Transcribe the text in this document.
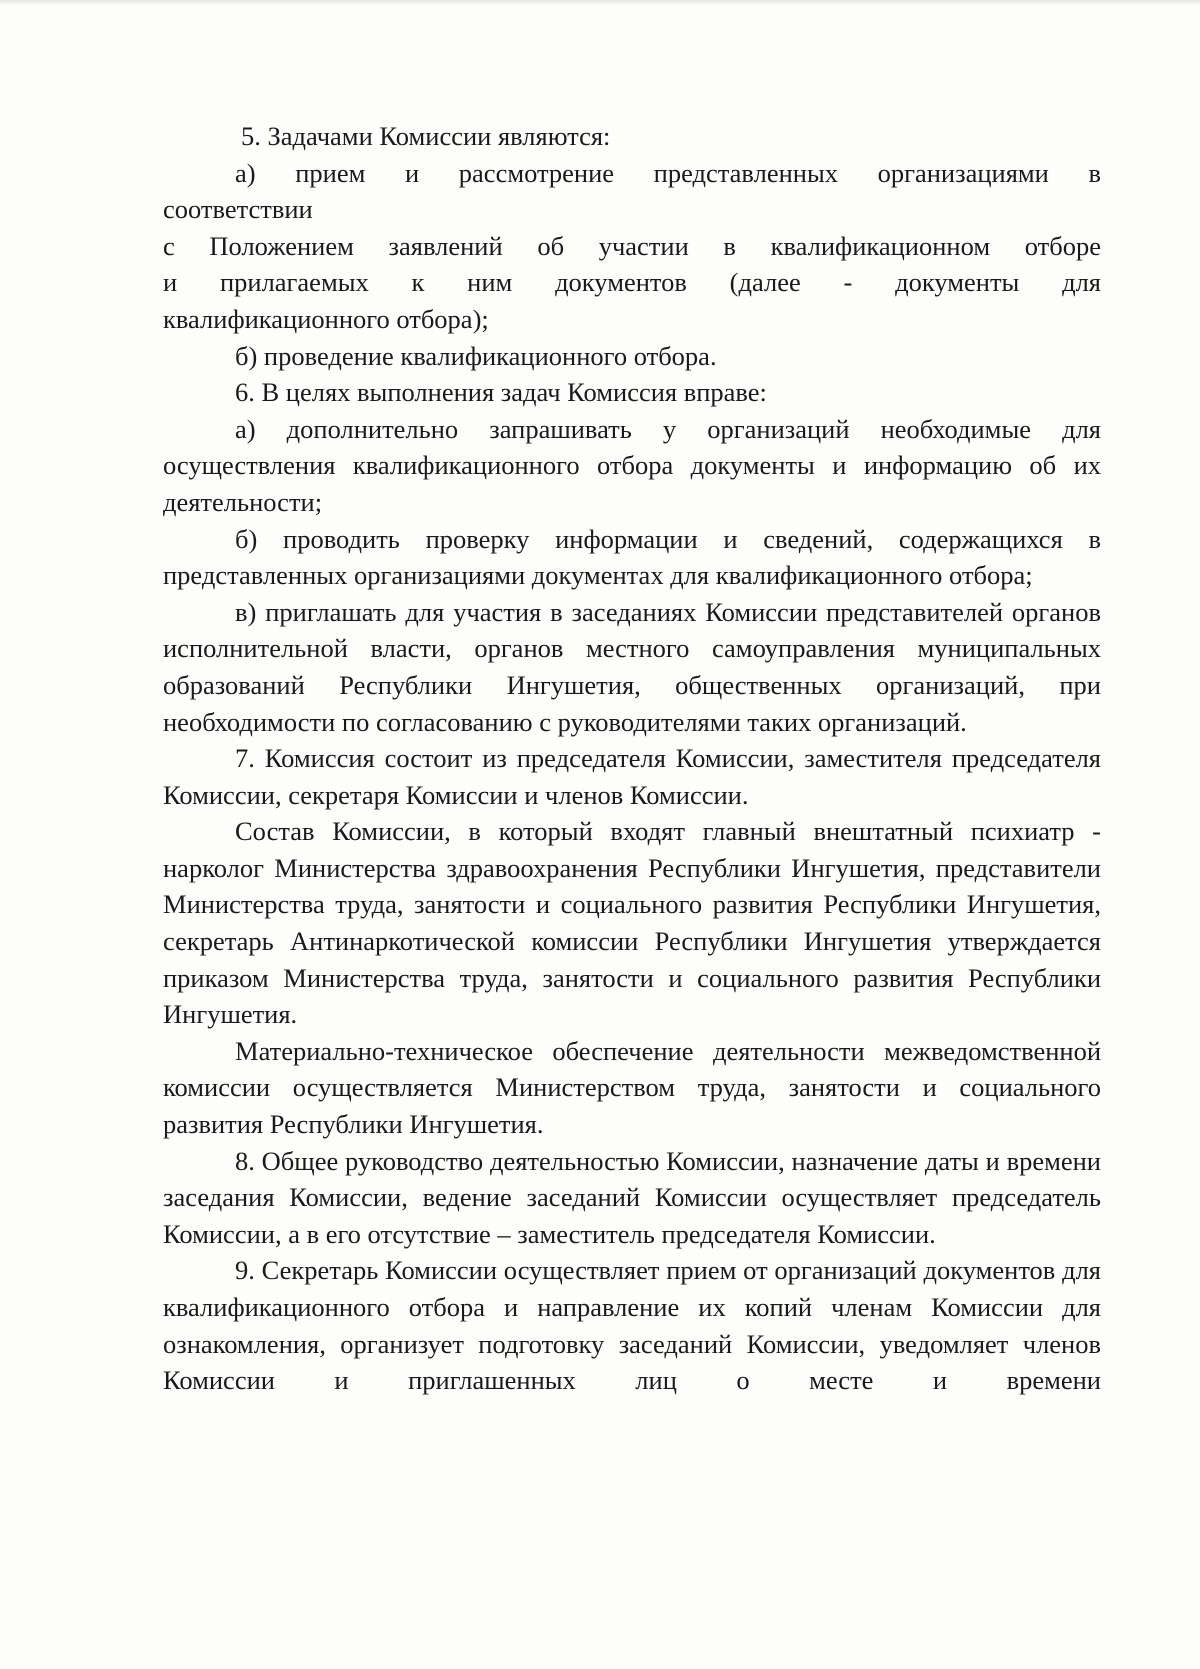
5. Задачами Комиссии являются:

а) прием и рассмотрение представленных организациями в
соответствии
с Положением заявлений об участии в квалификационном отборе
и прилагаемых к ним документов (далее - документы для
квалификационного отбора);

б) проведение квалификационного отбора.

6. В целях выполнения задач Комиссия вправе:

а) дополнительно запрашивать у организаций необходимые для осуществления квалификационного отбора документы и информацию об их деятельности;

б) проводить проверку информации и сведений, содержащихся в представленных организациями документах для квалификационного отбора;

в) приглашать для участия в заседаниях Комиссии представителей органов исполнительной власти, органов местного самоуправления муниципальных образований Республики Ингушетия, общественных организаций, при необходимости по согласованию с руководителями таких организаций.

7. Комиссия состоит из председателя Комиссии, заместителя председателя Комиссии, секретаря Комиссии и членов Комиссии.

Состав Комиссии, в который входят главный внештатный психиатр - нарколог Министерства здравоохранения Республики Ингушетия, представители Министерства труда, занятости и социального развития Республики Ингушетия, секретарь Антинаркотической комиссии Республики Ингушетия утверждается приказом Министерства труда, занятости и социального развития Республики Ингушетия.

Материально-техническое обеспечение деятельности межведомственной комиссии осуществляется Министерством труда, занятости и социального развития Республики Ингушетия.

8. Общее руководство деятельностью Комиссии, назначение даты и времени заседания Комиссии, ведение заседаний Комиссии осуществляет председатель Комиссии, а в его отсутствие – заместитель председателя Комиссии.

9. Секретарь Комиссии осуществляет прием от организаций документов для квалификационного отбора и направление их копий членам Комиссии для ознакомления, организует подготовку заседаний Комиссии, уведомляет членов Комиссии и приглашенных лиц о месте и времени
